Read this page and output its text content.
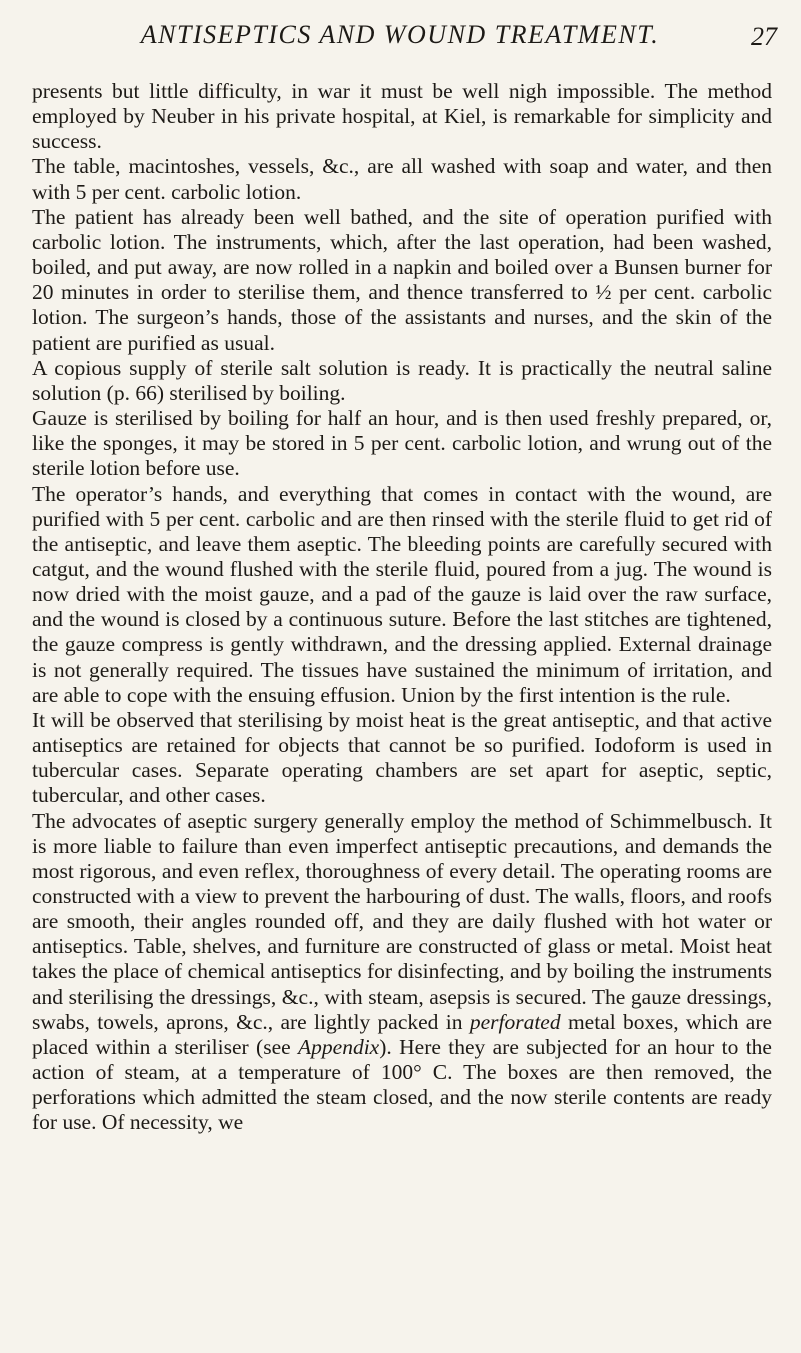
ANTISEPTICS AND WOUND TREATMENT.	27

presents but little difficulty, in war it must be well nigh impossible. The method employed by Neuber in his private hospital, at Kiel, is remarkable for simplicity and success.

The table, macintoshes, vessels, &c., are all washed with soap and water, and then with 5 per cent. carbolic lotion.

The patient has already been well bathed, and the site of operation purified with carbolic lotion. The instruments, which, after the last operation, had been washed, boiled, and put away, are now rolled in a napkin and boiled over a Bunsen burner for 20 minutes in order to sterilise them, and thence transferred to ½ per cent. carbolic lotion. The surgeon’s hands, those of the assistants and nurses, and the skin of the patient are purified as usual.

A copious supply of sterile salt solution is ready. It is practically the neutral saline solution (p. 66) sterilised by boiling.

Gauze is sterilised by boiling for half an hour, and is then used freshly prepared, or, like the sponges, it may be stored in 5 per cent. carbolic lotion, and wrung out of the sterile lotion before use.

The operator’s hands, and everything that comes in contact with the wound, are purified with 5 per cent. carbolic and are then rinsed with the sterile fluid to get rid of the antiseptic, and leave them aseptic. The bleeding points are carefully secured with catgut, and the wound flushed with the sterile fluid, poured from a jug. The wound is now dried with the moist gauze, and a pad of the gauze is laid over the raw surface, and the wound is closed by a continuous suture. Before the last stitches are tightened, the gauze compress is gently withdrawn, and the dressing applied. External drainage is not generally required. The tissues have sustained the minimum of irritation, and are able to cope with the ensuing effusion. Union by the first intention is the rule.

It will be observed that sterilising by moist heat is the great antiseptic, and that active antiseptics are retained for objects that cannot be so purified. Iodoform is used in tubercular cases. Separate operating chambers are set apart for aseptic, septic, tubercular, and other cases.

The advocates of aseptic surgery generally employ the method of Schimmelbusch. It is more liable to failure than even imperfect antiseptic precautions, and demands the most rigorous, and even reflex, thoroughness of every detail. The operating rooms are constructed with a view to prevent the harbouring of dust. The walls, floors, and roofs are smooth, their angles rounded off, and they are daily flushed with hot water or antiseptics. Table, shelves, and furniture are constructed of glass or metal. Moist heat takes the place of chemical antiseptics for disinfecting, and by boiling the instruments and sterilising the dressings, &c., with steam, asepsis is secured. The gauze dressings, swabs, towels, aprons, &c., are lightly packed in perforated metal boxes, which are placed within a steriliser (see Appendix). Here they are subjected for an hour to the action of steam, at a temperature of 100° C. The boxes are then removed, the perforations which admitted the steam closed, and the now sterile contents are ready for use. Of necessity, we
